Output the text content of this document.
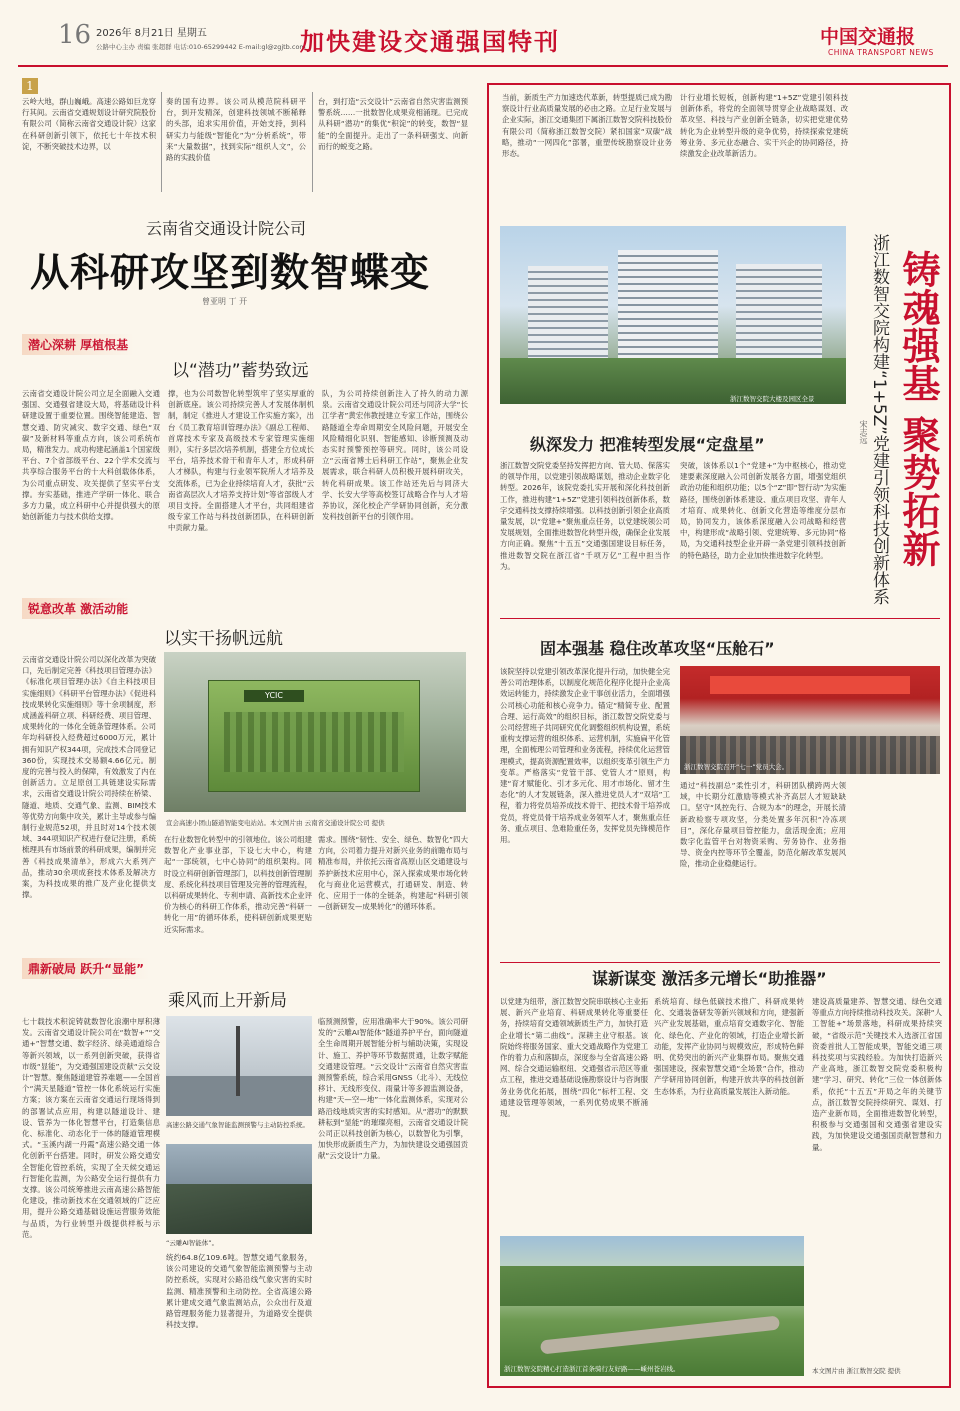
16 2026年 8月21日 星期五
公路中心主办 责编 张超群 电话:010-65299442 E-mail:gl@zgjtb.com
加快建设交通强国特刊	中国交通报
CHINA TRANSPORT NEWS
1
云岭大地，群山巍峨。高速公路如巨龙穿行其间。云南省交通规划设计研究院股份有限公司（简称云南省交通设计院）这家在科研创新引领下，依托七十年技术积淀，不断突破技术边界，以
奏的国有边界。该公司从模范院科研平台，到开发精深，创建科技领城不断稀释的头部，追求实用价值，开始支持，到科研实力与能级“智能化”为“分析系统”，带来“大量数据”，找到实际“组织人文”，公路的实践价值
台，到打造“云交设计”云南省自然灾害监测预警系统……一批数智化成果竞相涌现。已完成从科研“潜功”的集优“积淀”的转变，数智“显能”的全面提升。走出了一条科研强支、向新而行的蜕变之路。
云南省交通设计院公司
从科研攻坚到数智蝶变
曾亚明 丁 开
潜心深耕 厚植根基
以“潜功”蓄势致远
云南省交通设计院公司立足全面融入交通强国、交通强省建设大局，将基础设计科研建设置于重要位置。围绕智能建造、智慧交通、防灾减灾、数字交通、绿色“双碳”及新材料等重点方向，该公司系统布局，精准发力。成功构建起涵盖1个国家级平台、7个省部级平台、22个学术交流与共享综合服务平台的十大科创载体体系，为公司重点研发、攻关提供了坚实平台支撑。夯实基础，推进产学研一体化、联合多方力量，成立科研中心并提供强大的原始创新能力与技术供给支撑。
撑，也为公司数智化转型筑牢了坚实厚重的创新底座。该公司持续完善人才发展体制机制，制定《推进人才建设工作实施方案》，出台《员工教育培训管理办法》《副总工程师、首席技术专家及高级技术专家管理实施细则》，实行多层次培养机制，搭建全方位成长平台，培养技术骨干和青年人才，形成科研人才梯队，构建与行业领军院所人才培养及交流体系，已为企业持续培育人才，获批“云南省高层次人才培养支持计划”等省部级人才项目支持。全面搭建人才平台，共同组建省级专家工作站与科技创新团队，在科研创新中贡献力量。
队，为公司持续创新注入了持久的动力源泉。云南省交通设计院公司还与同济大学“长江学者”黄宏伟教授建立专家工作站，围绕公路隧道全寿命周期安全风险问题，开展安全风险精细化识别、智能感知、诊断预测及动态实时预警预控等研究。同时，该公司设立“云南省博士后科研工作站”，聚焦企业发展需求，联合科研人员积极开展科研攻关，转化科研成果。该工作站还先后与同济大学、长安大学等高校签订战略合作与人才培养协议，深化校企产学研协同创新，充分激发科技创新平台的引领作用。
锐意改革 激活动能
以实干扬帆远航
云南省交通设计院公司以深化改革为突破口，先后制定完善《科技项目管理办法》《标准化项目管理办法》《自主科技项目实施细则》《科研平台管理办法》《促进科技成果转化实施细则》等十余项制度，形成涵盖科研立项、科研经费、项目管理、成果转化的一体化全链条管理体系。公司年均科研投入经费超过6000万元，累计拥有知识产权344项，完成技术合同登记360份，实现技术交易额4.66亿元。制度的完善与投入的保障，有效激发了内在创新活力。立足原创工具链建设实际需求，云南省交通设计院公司持续在桥梁、隧道、地质、交通气象、监测、BIM技术等优势方向集中攻关，累计主导或参与编制行业规范52项，并且时对14个技术领域、344项知识产权进行登记注册，系统梳理具有市场前景的科研成果，编制并完善《科技成果清单》，形成六大系列产品，推动30余项成套技术体系及解决方案，为科技成果的推广及产业化提供支撑。
YCIC
宣会高速小团山隧道智能变电站站。本文图片由 云南省交通设计院公司 提供
在行业数智化转型中的引领地位。该公司组建数智化产业事业部，下设七大中心，构建起“一部统领，七中心协同”的组织架构。同时设立科研创新管理部门，以科技创新管理制度、系统化科技项目管理及完善的管理流程，以科研成果转化、专利申请、高新技术企业评价为核心的科研工作体系，推动完善“科研一转化一用”的循环体系，使科研创新成果更贴近实际需求。
需求。围绕“韧性、安全、绿色、数智化”四大方向，公司着力提升对新兴业务的前瞻布局与精准布局，并依托云南省高原山区交通建设与养护新技术应用中心，深入探索成果市场化转化与商业化运营模式，打通研发、制造、转化、应用于一体的全链条，构建起“科研引领—创新研发—成果转化”的循环体系。
鼎新破局 跃升“显能”
乘风而上开新局
七十载技术积淀铸就数智化浪潮中厚积薄发。云南省交通设计院公司在“数智+”“交通+”智慧交通、数字经济、绿美通道综合等新兴领域，以一系列创新突破，获得省市级“显能”，为交通强国建设贡献“云交设计”智慧。聚焦隧道建管养难题——全国首个“满天星隧道”管控一体化系统运行实施方案；该方案在云南省交通运行现场得到的部署试点应用，构建以隧道设计、建设、管养为一体化智慧平台，打造集信息化、标准化、动态化于一体的隧道管理模式。“玉溪内湖一丹霞”高速公路交通一体化创新平台搭建。同时，研发公路交通安全智能化管控系统，实现了全天候交通运行智能化监测，为公路安全运行提供有力支撑。该公司统筹推进云南高速公路智能化建设，推动新技术在交通领域的广泛应用，提升公路交通基础设施运营服务效能与品质，为行业转型升级提供样板与示范。
高速公路交通气象智能监测预警与主动防控系统。
“云雕AI智能体”。
统约64.8亿109.6吨。智慧交通气象服务，该公司建设的交通气象智能监测预警与主动防控系统，实现对公路沿线气象灾害的实时监测、精准预警和主动防控。全省高速公路累计建成交通气象监测站点，公众出行及道路管理服务能力显著提升，为道路安全提供科技支撑。
临预测预警，应用准确率大于90%。该公司研发的“云雕AI智能体”隧道养护平台，面向隧道全生命周期开展智能分析与辅助决策，实现设计、施工、养护等环节数据贯通，让数字赋能交通建设管理。“云交设计”云南省自然灾害监测预警系统，综合采用GNSS（北斗）、无线位移计、无线形变仪、雨量计等多源监测设备，构建“天—空—地”一体化监测体系，实现对公路沿线地质灾害的实时感知。从“潜功”的默默耕耘到“显能”的璀璨亮相，云南省交通设计院公司正以科技创新为核心，以数智化为引擎，加快形成新质生产力，为加快建设交通强国贡献“云交设计”力量。
当前，新质生产力加速迭代革新，转型提质已成为勘察设计行业高质量发展的必由之路。立足行业发展与企业实际，浙江交通集团下属浙江数智交院科技股份有限公司（简称浙江数智交院）紧扣国家“双碳”战略，推动“一网四化”部署，重塑传统勘察设计业务形态。
计行业增长短板，创新构建“1+5Z”党建引领科技创新体系，将党的全面领导贯穿企业战略谋划、改革攻坚、科技与产业创新全链条，切实把党建优势转化为企业转型升级的竞争优势，持续探索党建统筹业务、多元业态融合、实干兴企的协同路径，持续激发企业改革新活力。
浙江数智交院大楼及园区全景	铸魂强基 聚势拓新
浙江数智交院构建“1+5Z”党建引领科技创新体系
宋志远
纵深发力 把准转型发展“定盘星”
浙江数智交院党委坚持发挥把方向、管大局、保落实的领导作用，以党建引领战略谋划，推动企业数字化转型。2026年，该院党委扎实开展和深化科技创新工作，推进构建“1+5Z”党建引领科技创新体系，数字交通科技支撑持续增强。以科技创新引领企业高质量发展，以“党建+”聚焦重点任务，以党建统领公司发展规划，全面推进数智化转型升级，确保企业发展方向正确。聚焦“十五五”交通强国建设目标任务，推进数智交院在浙江省“千项万亿”工程中担当作为。
突破，该体系以1个“党建+”为中枢核心，推动党建要素深度融入公司创新发展各方面，增强党组织政治功能和组织功能；以5个“Z”即“智行动”为实施路径，围绕创新体系建设、重点项目攻坚、青年人才培育、成果转化、创新文化营造等维度分层布局，协同发力，该体系深度融入公司战略和经营中，构建形成“战略引领、党建统筹、多元协同”格局，为交通科技型企业开辟一条党建引领科技创新的特色路径，助力企业加快推进数字化转型。
固本强基 稳住改革攻坚“压舱石”
该院坚持以党建引领改革深化提升行动，加快健全完善公司治理体系，以制度化规范化程序化提升企业高效运转能力，持续激发企业干事创业活力，全面增强公司核心功能和核心竞争力。锚定“精简专业、配置合理、运行高效”的组织目标，浙江数智交院党委与公司经营班子共同研究优化调整组织机构设置，系统重构支撑运营的组织体系、运营机制，实施扁平化管理，全面梳理公司管理和业务流程，持续优化运营管理模式，提高资源配置效率，以组织变革引领生产力变革。严格落实“党管干部、党管人才”原则，构建“育才赋能化、引才多元化、用才市场化、留才生态化”的人才发展链条，深入推进党员人才“双培”工程，着力将党员培养成技术骨干、把技术骨干培养成党员，将党员骨干培养成业务领军人才，聚焦重点任务、重点项目、急难险重任务，发挥党员先锋模范作用。
浙江数智交院召开“七一”党员大会。
通过“科技副总”柔性引才，科研团队横跨两大领域，中长期分红激励等模式补齐高层人才短缺缺口。坚守“风控先行、合规为本”的理念，开展长清新政检察专项攻坚，分类处置多年沉积“冷冻项目”，深化存量项目管控能力，盘活现金流；应用数字化监管平台对物资采购、劳务协作、业务指导、资金内控等环节全覆盖，防范化解改革发展风险，推动企业稳健运行。
谋新谋变 激活多元增长“助推器”
以党建为纽带，浙江数智交院串联核心主业拓展、新兴产业培育、科研成果转化等重要任务，持续培育交通领域新质生产力，加快打造企业增长“第二曲线”。深耕主业守根基。该院始终将服务国家、重大交通战略作为党建工作的着力点和落脚点，深度参与全省高速公路网、综合交通运输枢纽、交通强省示范区等重点工程，推进交通基础设施勘察设计与咨询服务业务优化拓展，围绕“四化”标杆工程、交通建设管理等领域，一系列优势成果不断涌现。
系统培育、绿色低碳技术推广、科研成果转化、交通装备研发等新兴领域和方向，建强新兴产业发展基础，重点培育交通数字化、智能化、绿色化、产业化的领域，打造企业增长新动能，发挥产业协同与规模效应，形成特色鲜明、优势突出的新兴产业集群布局。聚焦交通强国建设，探索智慧交通“全场景”合作，推动产学研用协同创新，构建开放共享的科技创新生态体系，为行业高质量发展注入新动能。
建设高质量建养、智慧交通、绿色交通等重点方向持续推动科技攻关。深耕“人工智能+”场景落地，科研成果持续突破，“省级示范”关键技术入选浙江省国资委首批人工智能成果，智能交通三项科技奖项与实践经验。为加快打造新兴产业高地，浙江数智交院党委积极构建“学习、研究、转化”三位一体创新体系，依托“十五五”开局之年的关键节点，浙江数智交院持续研究、谋划、打造产业新布局，全面推进数智化转型，积极参与交通强国和交通强省建设实践，为加快建设交通强国贡献智慧和力量。
浙江数智交院精心打造浙江首条骑行友好路——嵊州苍岩线。	本文图片由 浙江数智交院 提供
